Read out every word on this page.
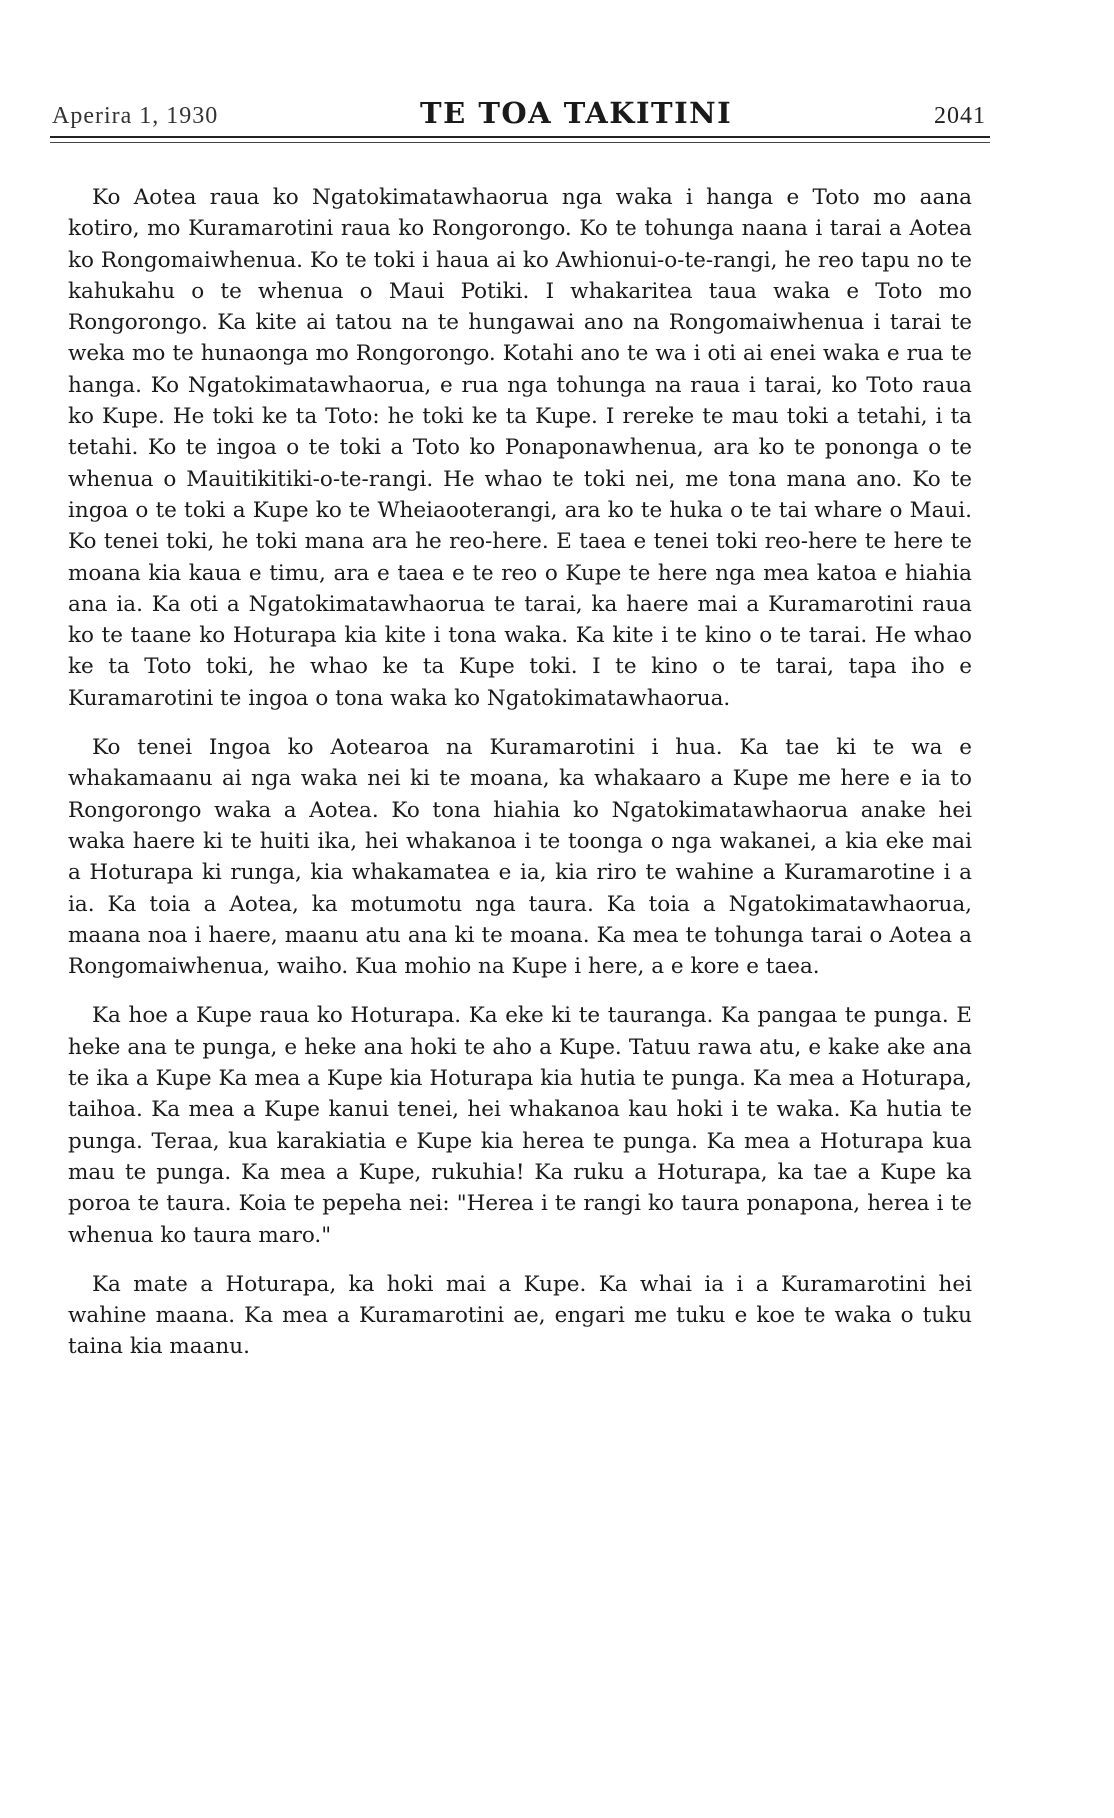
Aperira 1, 1930	TE TOA TAKITINI	2041

Ko Aotea raua ko Ngatokimatawhaorua nga waka i hanga e Toto mo aana kotiro, mo Kuramarotini raua ko Rongorongo. Ko te tohunga naana i tarai a Aotea ko Rongomaiwhenua. Ko te toki i haua ai ko Awhionui-o-te-rangi, he reo tapu no te kahukahu o te whenua o Maui Potiki. I whakaritea taua waka e Toto mo Rongorongo. Ka kite ai tatou na te hungawai ano na Rongomaiwhenua i tarai te weka mo te hunaonga mo Rongorongo. Kotahi ano te wa i oti ai enei waka e rua te hanga. Ko Ngatokimatawhaorua, e rua nga tohunga na raua i tarai, ko Toto raua ko Kupe. He toki ke ta Toto: he toki ke ta Kupe. I rereke te mau toki a tetahi, i ta tetahi. Ko te ingoa o te toki a Toto ko Ponaponawhenua, ara ko te pononga o te whenua o Mauitikitiki-o-te-rangi. He whao te toki nei, me tona mana ano. Ko te ingoa o te toki a Kupe ko te Wheiaooterangi, ara ko te huka o te tai whare o Maui. Ko tenei toki, he toki mana ara he reo-here. E taea e tenei toki reo-here te here te moana kia kaua e timu, ara e taea e te reo o Kupe te here nga mea katoa e hiahia ana ia. Ka oti a Ngatokimatawhaorua te tarai, ka haere mai a Kuramarotini raua ko te taane ko Hoturapa kia kite i tona waka. Ka kite i te kino o te tarai. He whao ke ta Toto toki, he whao ke ta Kupe toki. I te kino o te tarai, tapa iho e Kuramarotini te ingoa o tona waka ko Ngatokimatawhaorua.

Ko tenei Ingoa ko Aotearoa na Kuramarotini i hua. Ka tae ki te wa e whakamaanu ai nga waka nei ki te moana, ka whakaaro a Kupe me here e ia to Rongorongo waka a Aotea. Ko tona hiahia ko Ngatokimatawhaorua anake hei waka haere ki te huiti ika, hei whakanoa i te toonga o nga wakanei, a kia eke mai a Hoturapa ki runga, kia whakamatea e ia, kia riro te wahine a Kuramarotine i a ia. Ka toia a Aotea, ka motumotu nga taura. Ka toia a Ngatokimatawhaorua, maana noa i haere, maanu atu ana ki te moana. Ka mea te tohunga tarai o Aotea a Rongomaiwhenua, waiho. Kua mohio na Kupe i here, a e kore e taea.

Ka hoe a Kupe raua ko Hoturapa. Ka eke ki te tauranga. Ka pangaa te punga. E heke ana te punga, e heke ana hoki te aho a Kupe. Tatuu rawa atu, e kake ake ana te ika a Kupe Ka mea a Kupe kia Hoturapa kia hutia te punga. Ka mea a Hoturapa, taihoa. Ka mea a Kupe kanui tenei, hei whakanoa kau hoki i te waka. Ka hutia te punga. Teraa, kua karakiatia e Kupe kia herea te punga. Ka mea a Hoturapa kua mau te punga. Ka mea a Kupe, rukuhia! Ka ruku a Hoturapa, ka tae a Kupe ka poroa te taura. Koia te pepeha nei: "Herea i te rangi ko taura ponapona, herea i te whenua ko taura maro."

Ka mate a Hoturapa, ka hoki mai a Kupe. Ka whai ia i a Kuramarotini hei wahine maana. Ka mea a Kuramarotini ae, engari me tuku e koe te waka o tuku taina kia maanu.
